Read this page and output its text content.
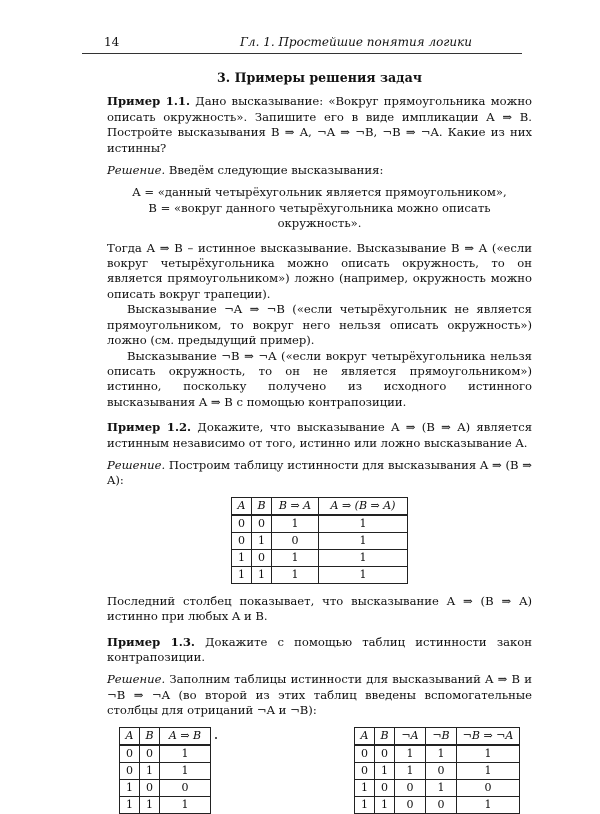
14	Гл. 1. Простейшие понятия логики

3. Примеры решения задач

Пример 1.1. Дано высказывание: «Вокруг прямоугольника можно описать окружность». Запишите его в виде импликации A ⇒ B. Постройте высказывания B ⇒ A, ¬A ⇒ ¬B, ¬B ⇒ ¬A. Какие из них истинны?

Решение. Введём следующие высказывания:

A = «данный четырёхугольник является прямоугольником»,

B = «вокруг данного четырёхугольника можно описать окружность».

Тогда A ⇒ B – истинное высказывание. Высказывание B ⇒ A («если вокруг четырёхугольника можно описать окружность, то он является прямоугольником») ложно (например, окружность можно описать вокруг трапеции).

Высказывание ¬A ⇒ ¬B («если четырёхугольник не является прямоугольником, то вокруг него нельзя описать окружность») ложно (см. предыдущий пример).

Высказывание ¬B ⇒ ¬A («если вокруг четырёхугольника нельзя описать окружность, то он не является прямоугольником») истинно, поскольку получено из исходного истинного высказывания A ⇒ B с помощью контрапозиции.

Пример 1.2. Докажите, что высказывание A ⇒ (B ⇒ A) является истинным независимо от того, истинно или ложно высказывание A.

Решение. Построим таблицу истинности для высказывания A ⇒ (B ⇒ A):

A	B	B ⇒ A	A ⇒ (B ⇒ A)
0	0	1	1
0	1	0	1
1	0	1	1
1	1	1	1

Последний столбец показывает, что высказывание A ⇒ (B ⇒ A) истинно при любых A и B.

Пример 1.3. Докажите с помощью таблиц истинности закон контрапозиции.

Решение. Заполним таблицы истинности для высказываний A ⇒ B и ¬B ⇒ ¬A (во второй из этих таблиц введены вспомогательные столбцы для отрицаний ¬A и ¬B):

A	B	A ⇒ B
0	0	1
0	1	1
1	0	0
1	1	1
A	B	¬A	¬B	¬B ⇒ ¬A
0	0	1	1	1
0	1	1	0	1
1	0	0	1	0
1	1	0	0	1
